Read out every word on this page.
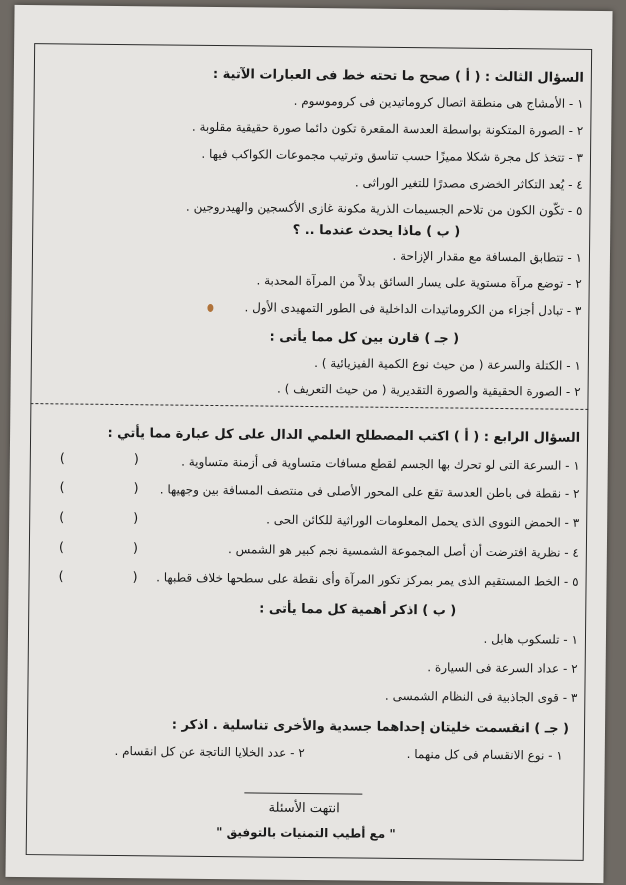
السؤال الثالث : ( أ ) صحح ما تحته خط فى العبارات الآتية :
١ - الأمشاج هى منطقة اتصال كروماتيدين فى كروموسوم .
٢ - الصورة المتكونة بواسطة العدسة المقعرة تكون دائما صورة حقيقية مقلوبة .
٣ - تتخذ كل مجرة شكلا مميزًا حسب تناسق وترتيب مجموعات الكواكب فيها .
٤ - يُعد التكاثر الخضرى مصدرًا للتغير الوراثى .
٥ - تكّون الكون من تلاحم الجسيمات الذرية مكونة غازى الأكسجين والهيدروجين .
( ب ) ماذا يحدث عندما .. ؟
١ - تتطابق المسافة مع مقدار الإزاحة .
٢ - توضع مرآة مستوية على يسار السائق بدلاً من المرآة المحدبة .
٣ - تبادل أجزاء من الكروماتيدات الداخلية فى الطور التمهيدى الأول .
( جـ ) قارن بين كل مما يأتى :
١ - الكتلة والسرعة ( من حيث نوع الكمية الفيزيائية ) .
٢ - الصورة الحقيقية والصورة التقديرية ( من حيث التعريف ) .
السؤال الرابع : ( أ ) اكتب المصطلح العلمي الدال على كل عبارة مما يأتي :
١ - السرعة التى لو تحرك بها الجسم لقطع مسافات متساوية فى أزمنة متساوية .
٢ - نقطة فى باطن العدسة تقع على المحور الأصلى فى منتصف المسافة بين وجهيها .
٣ - الحمض النووى الذى يحمل المعلومات الوراثية للكائن الحى .
٤ - نظرية افترضت أن أصل المجموعة الشمسية نجم كبير هو الشمس .
٥ - الخط المستقيم الذى يمر بمركز تكور المرآة وأى نقطة على سطحها خلاف قطبها .
(	)
(	)
(	)
(	)
(	)
( ب ) اذكر أهمية كل مما يأتى :
١ - تلسكوب هابل .
٢ - عداد السرعة فى السيارة .
٣ - قوى الجاذبية فى النظام الشمسى .
( جـ ) انقسمت خليتان إحداهما جسدية والأخرى تناسلية . اذكر :
١ - نوع الانقسام فى كل منهما .
٢ - عدد الخلايا الناتجة عن كل انقسام .
انتهت الأسئلة
" مع أطيب التمنيات بالتوفيق "
